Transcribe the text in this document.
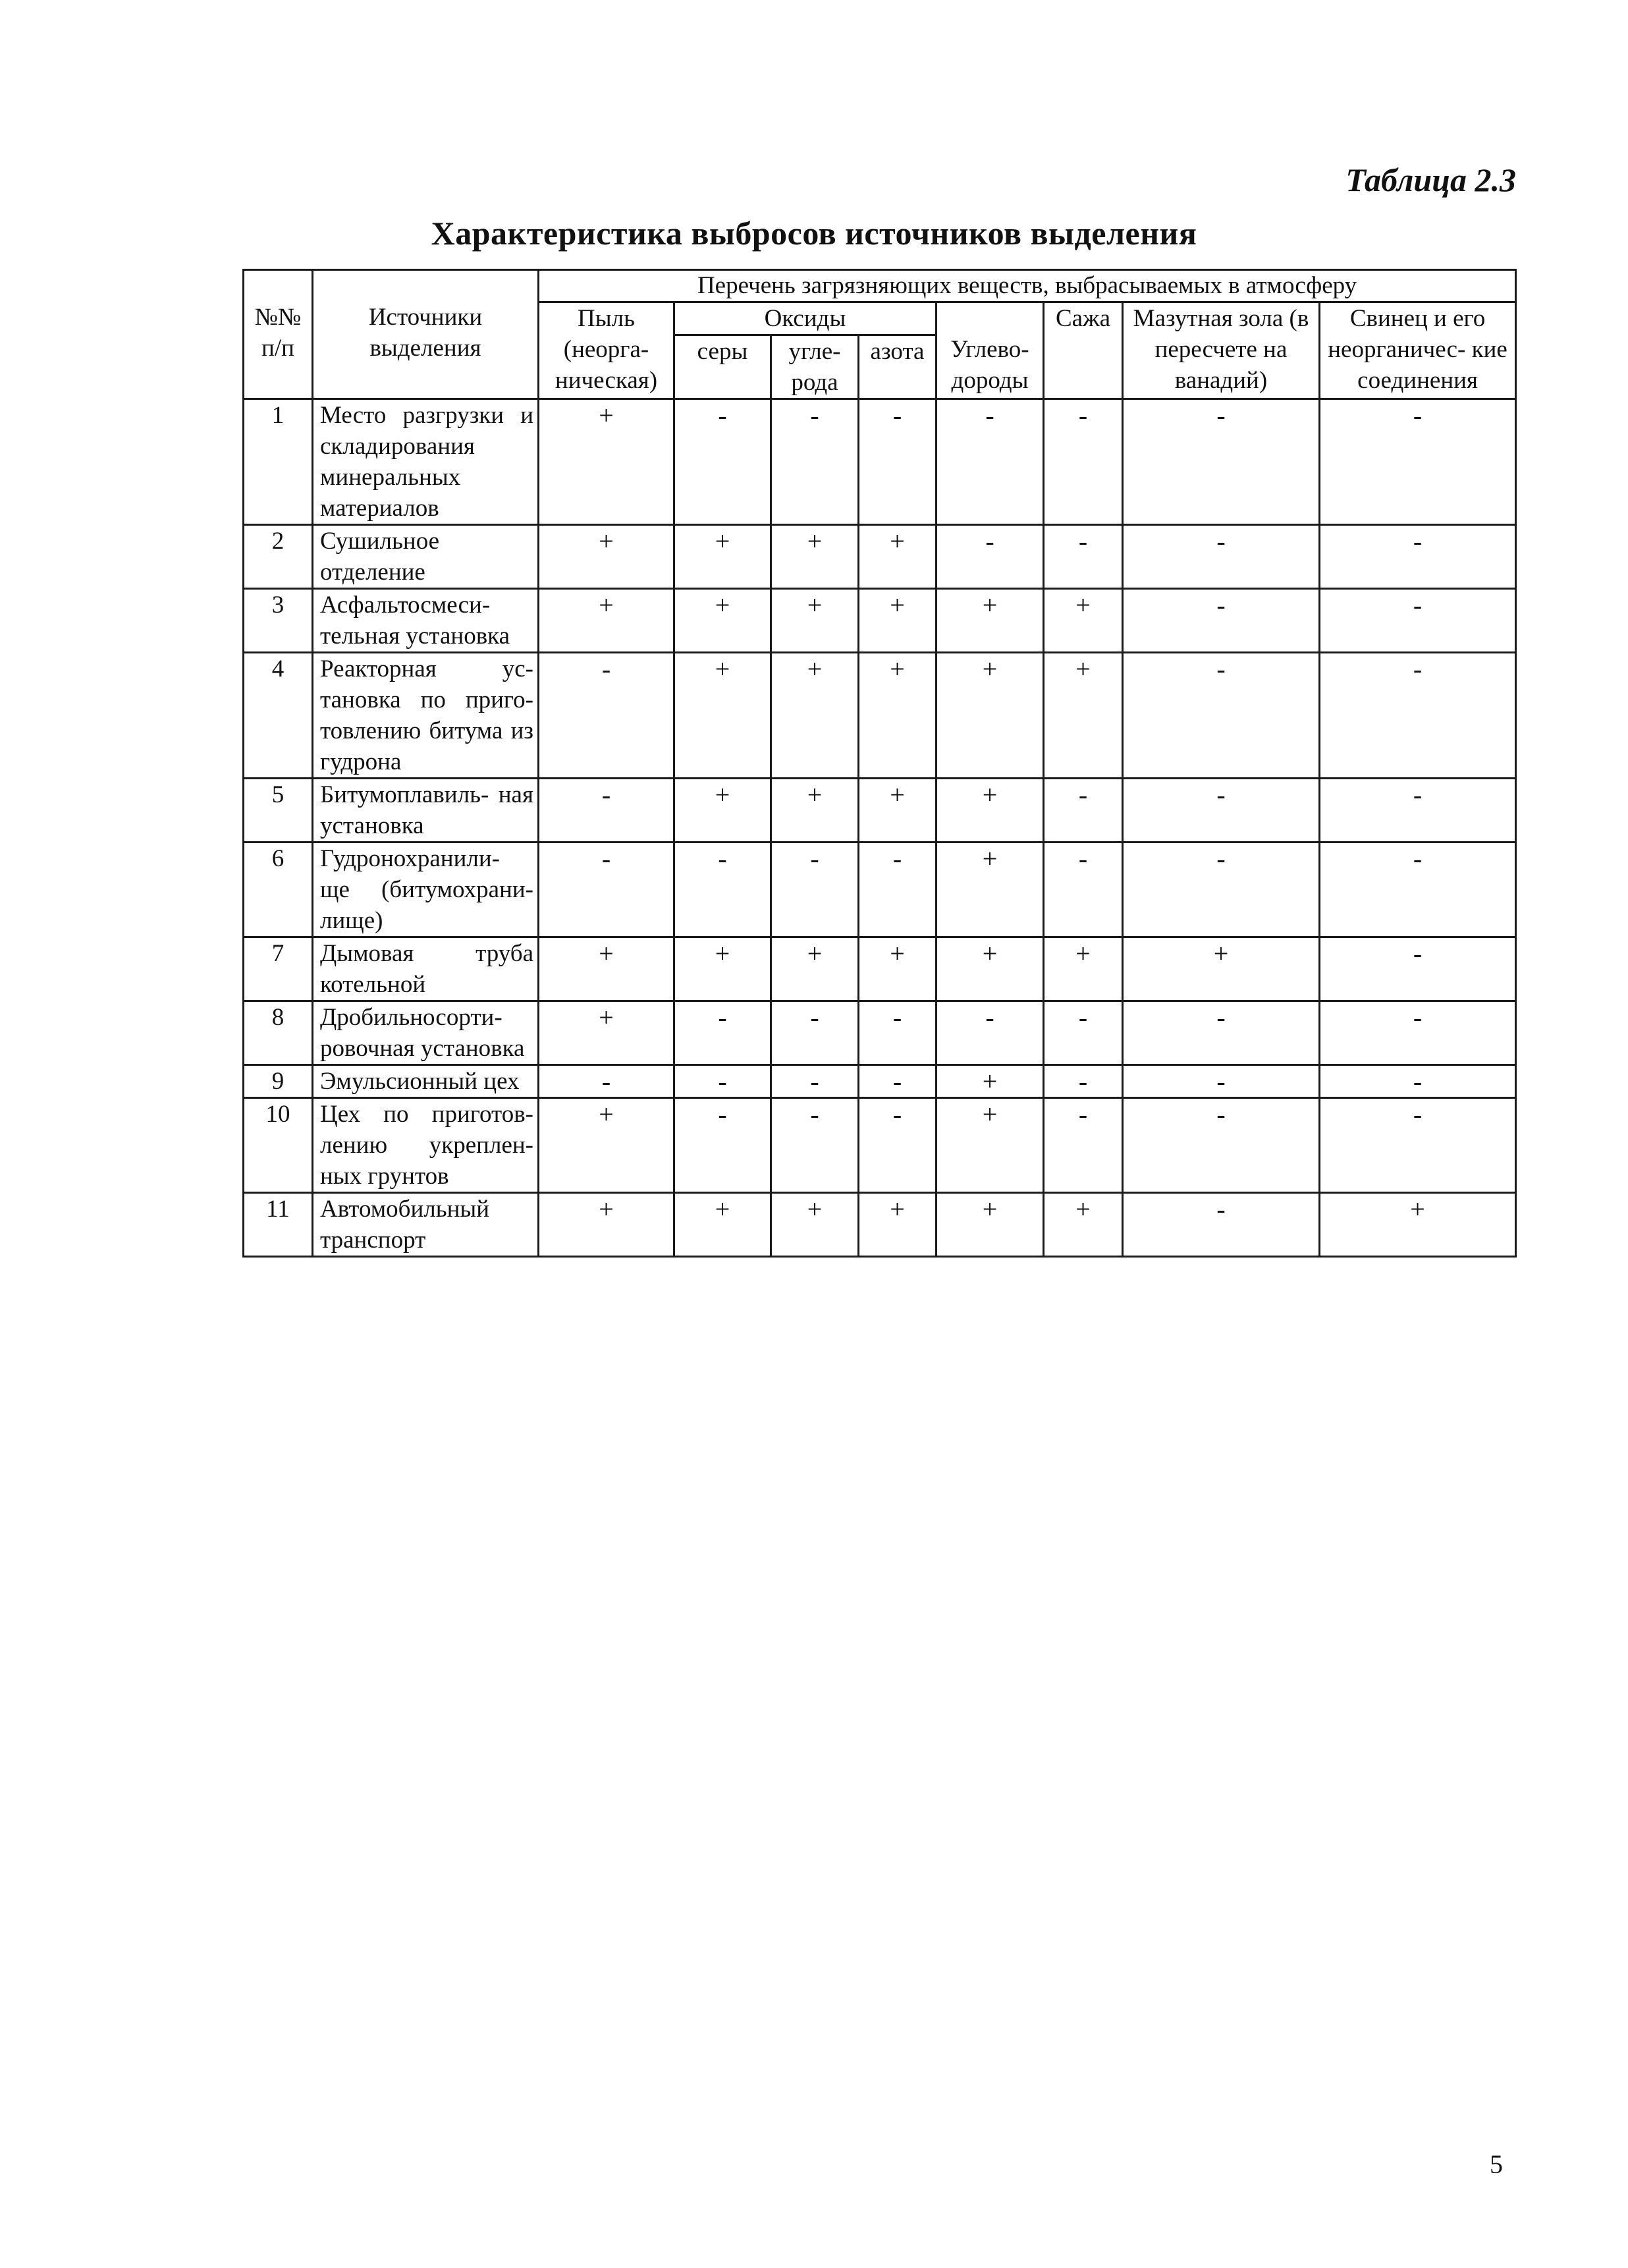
Таблица 2.3
Характеристика выбросов источников выделения
№№ п/п	Источники выделения	Перечень загрязняющих веществ, выбрасываемых в атмосферу							
		Пыль (неорга- ническая)	Оксиды			Углево- дороды	Сажа	Мазутная зола (в пересчете на ванадий)	Свинец и его неорганичес- кие соединения
			серы	угле- рода	азота				
1	Место разгрузки и складирования минеральных материалов	+	-	-	-	-	-	-	-
2	Сушильное отделение	+	+	+	+	-	-	-	-
3	Асфальтосмеси- тельная установка	+	+	+	+	+	+	-	-
4	Реакторная ус- тановка по приго- товлению битума из гудрона	-	+	+	+	+	+	-	-
5	Битумоплавиль- ная установка	-	+	+	+	+	-	-	-
6	Гудронохранили- ще (битумохрани- лище)	-	-	-	-	+	-	-	-
7	Дымовая труба котельной	+	+	+	+	+	+	+	-
8	Дробильносорти- ровочная установка	+	-	-	-	-	-	-	-
9	Эмульсионный цех	-	-	-	-	+	-	-	-
10	Цех по приготов- лению укреплен- ных грунтов	+	-	-	-	+	-	-	-
11	Автомобильный транспорт	+	+	+	+	+	+	-	+
5
